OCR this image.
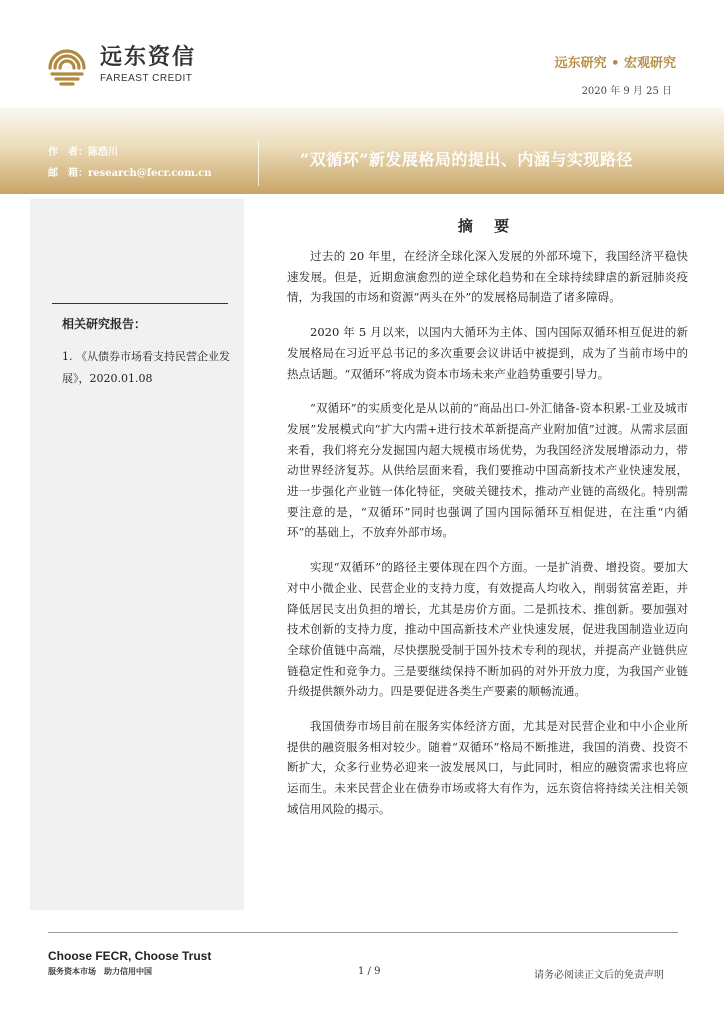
远东资信
FAREAST CREDIT
远东研究 • 宏观研究
2020 年 9 月 25 日
作　者：陈浩川
邮　箱：research@fecr.com.cn
“双循环”新发展格局的提出、内涵与实现路径
相关研究报告：
1. 《从债券市场看支持民营企业发展》，2020.01.08
摘 要

过去的 20 年里，在经济全球化深入发展的外部环境下，我国经济平稳快速发展。但是，近期愈演愈烈的逆全球化趋势和在全球持续肆虐的新冠肺炎疫情，为我国的市场和资源“两头在外”的发展格局制造了诸多障碍。

2020 年 5 月以来，以国内大循环为主体、国内国际双循环相互促进的新发展格局在习近平总书记的多次重要会议讲话中被提到，成为了当前市场中的热点话题。“双循环”将成为资本市场未来产业趋势重要引导力。

“双循环”的实质变化是从以前的“商品出口-外汇储备-资本积累-工业及城市发展”发展模式向“扩大内需+进行技术革新提高产业附加值”过渡。从需求层面来看，我们将充分发掘国内超大规模市场优势，为我国经济发展增添动力，带动世界经济复苏。从供给层面来看，我们要推动中国高新技术产业快速发展，进一步强化产业链一体化特征，突破关键技术，推动产业链的高级化。特别需要注意的是，“双循环”同时也强调了国内国际循环互相促进，在注重“内循环”的基础上，不放弃外部市场。

实现“双循环”的路径主要体现在四个方面。一是扩消费、增投资。要加大对中小微企业、民营企业的支持力度，有效提高人均收入，削弱贫富差距，并降低居民支出负担的增长，尤其是房价方面。二是抓技术、推创新。要加强对技术创新的支持力度，推动中国高新技术产业快速发展，促进我国制造业迈向全球价值链中高端，尽快摆脱受制于国外技术专利的现状，并提高产业链供应链稳定性和竞争力。三是要继续保持不断加码的对外开放力度，为我国产业链升级提供额外动力。四是要促进各类生产要素的顺畅流通。

我国债券市场目前在服务实体经济方面，尤其是对民营企业和中小企业所提供的融资服务相对较少。随着“双循环”格局不断推进，我国的消费、投资不断扩大，众多行业势必迎来一波发展风口，与此同时，相应的融资需求也将应运而生。未来民营企业在债券市场或将大有作为，远东资信将持续关注相关领域信用风险的揭示。

Choose FECR, Choose Trust
服务资本市场　助力信用中国	1 / 9	请务必阅读正文后的免责声明
